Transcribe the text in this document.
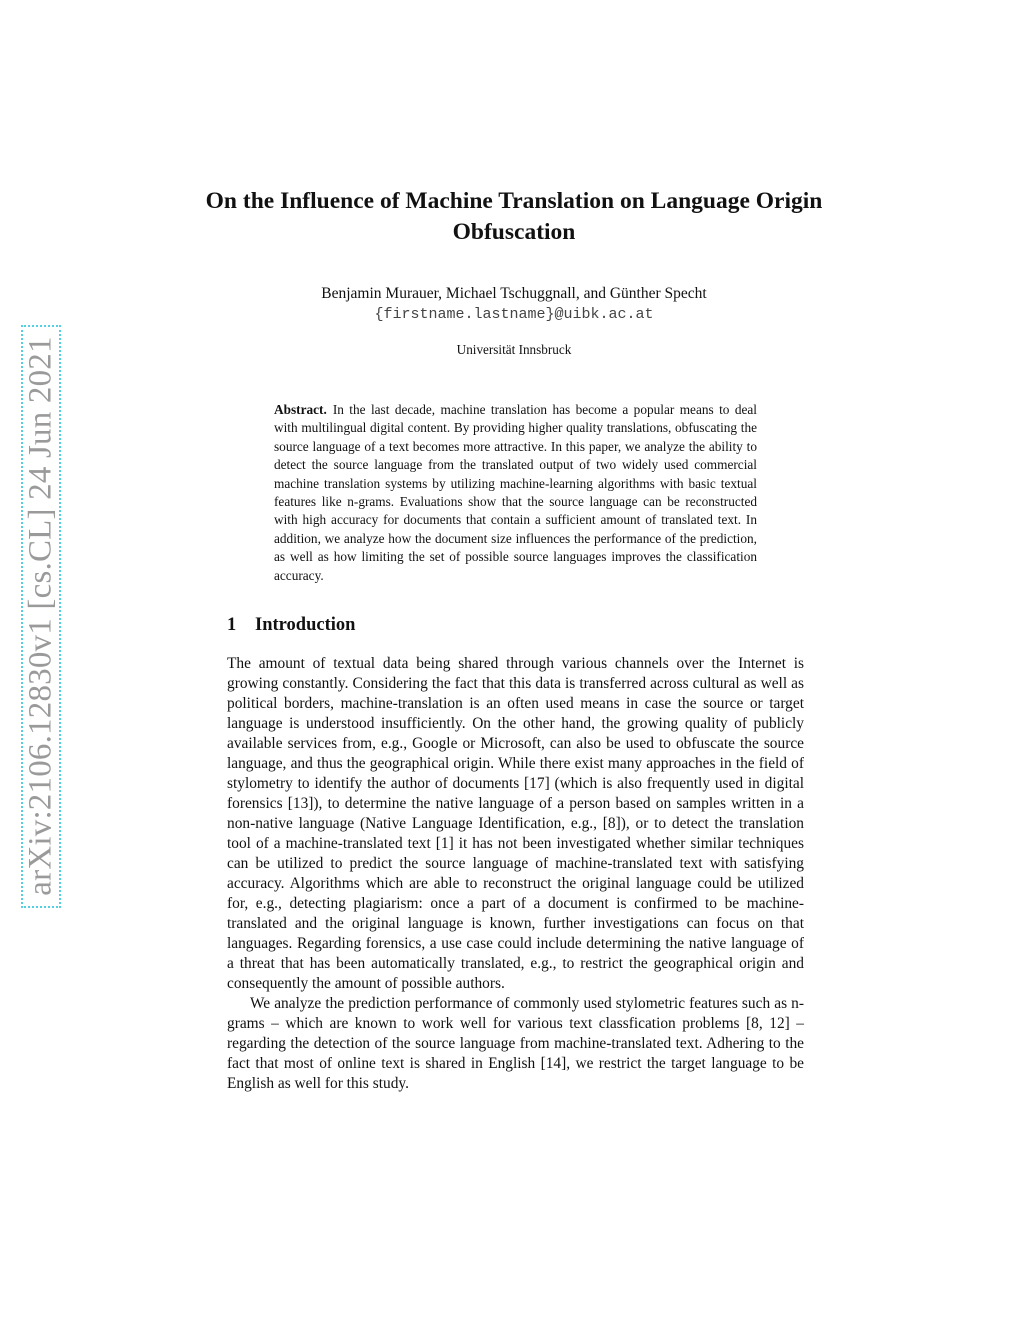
arXiv:2106.12830v1 [cs.CL] 24 Jun 2021
On the Influence of Machine Translation on Language Origin Obfuscation
Benjamin Murauer, Michael Tschuggnall, and Günther Specht
{firstname.lastname}@uibk.ac.at
Universität Innsbruck
Abstract. In the last decade, machine translation has become a popular means to deal with multilingual digital content. By providing higher quality translations, obfuscating the source language of a text becomes more attractive. In this paper, we analyze the ability to detect the source language from the translated output of two widely used commercial machine translation systems by utilizing machine-learning algorithms with basic textual features like n-grams. Evaluations show that the source language can be reconstructed with high accuracy for documents that contain a sufficient amount of translated text. In addition, we analyze how the document size influences the performance of the prediction, as well as how limiting the set of possible source languages improves the classification accuracy.
1 Introduction

The amount of textual data being shared through various channels over the Internet is growing constantly. Considering the fact that this data is transferred across cultural as well as political borders, machine-translation is an often used means in case the source or target language is understood insufficiently. On the other hand, the growing quality of publicly available services from, e.g., Google or Microsoft, can also be used to obfuscate the source language, and thus the geographical origin. While there exist many approaches in the field of stylometry to identify the author of documents [17] (which is also frequently used in digital forensics [13]), to determine the native language of a person based on samples written in a non-native language (Native Language Identification, e.g., [8]), or to detect the translation tool of a machine-translated text [1] it has not been investigated whether similar techniques can be utilized to predict the source language of machine-translated text with satisfying accuracy. Algorithms which are able to reconstruct the original language could be utilized for, e.g., detecting plagiarism: once a part of a document is confirmed to be machine-translated and the original language is known, further investigations can focus on that languages. Regarding forensics, a use case could include determining the native language of a threat that has been automatically translated, e.g., to restrict the geographical origin and consequently the amount of possible authors.

We analyze the prediction performance of commonly used stylometric features such as n-grams – which are known to work well for various text classfication problems [8, 12] – regarding the detection of the source language from machine-translated text. Adhering to the fact that most of online text is shared in English [14], we restrict the target language to be English as well for this study.
